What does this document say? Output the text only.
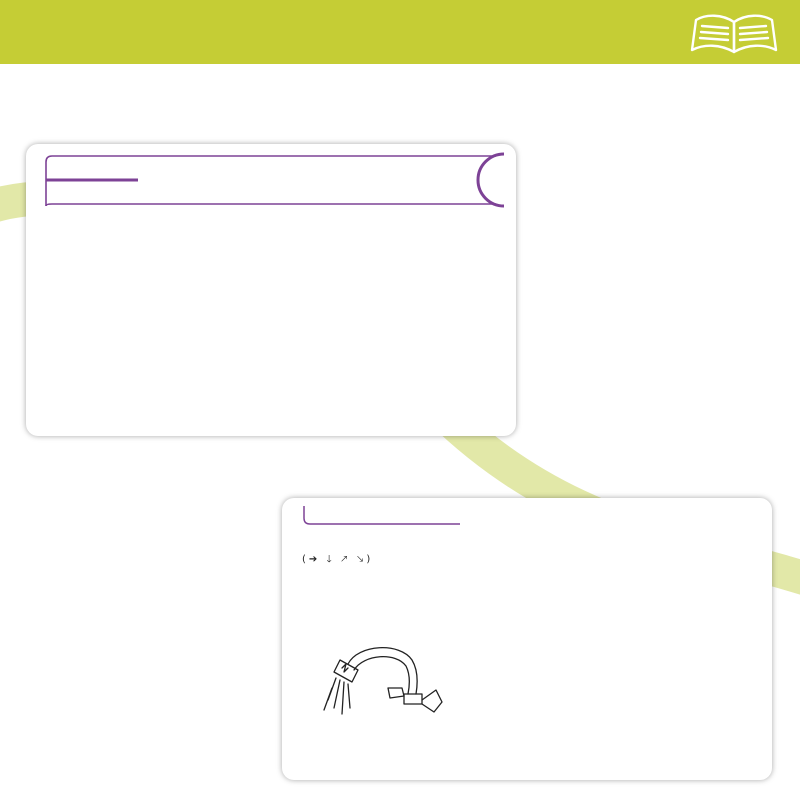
(➔ 🡓 🡕 🡖)
